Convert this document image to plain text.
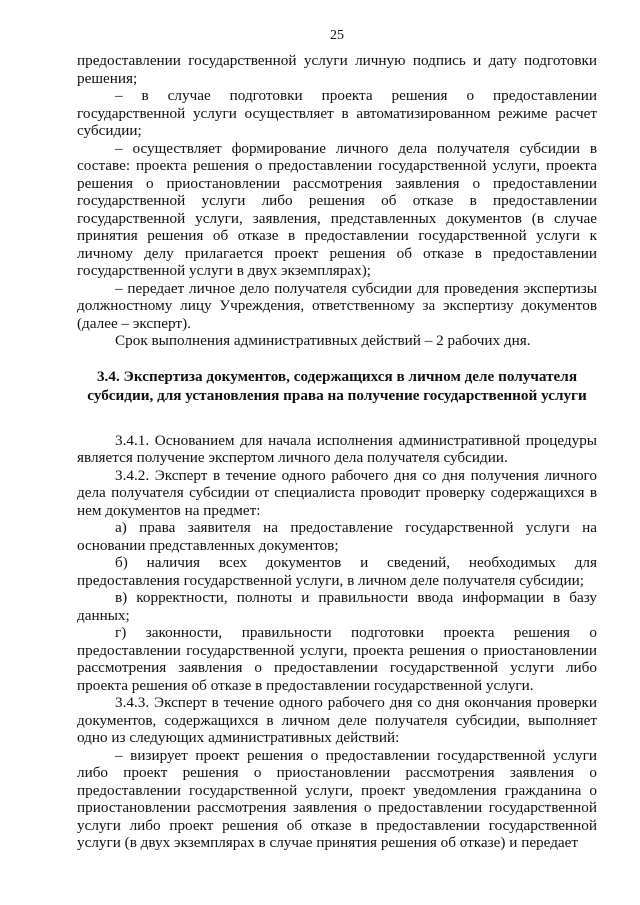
25

предоставлении государственной услуги личную подпись и дату подготовки решения;

– в случае подготовки проекта решения о предоставлении государственной услуги осуществляет в автоматизированном режиме расчет субсидии;

– осуществляет формирование личного дела получателя субсидии в составе: проекта решения о предоставлении государственной услуги, проекта решения о приостановлении рассмотрения заявления о предоставлении государственной услуги либо решения об отказе в предоставлении государственной услуги, заявления, представленных документов (в случае принятия решения об отказе в предоставлении государственной услуги к личному делу прилагается проект решения об отказе в предоставлении государственной услуги в двух экземплярах);

– передает личное дело получателя субсидии для проведения экспертизы должностному лицу Учреждения, ответственному за экспертизу документов (далее – эксперт).

Срок выполнения административных действий – 2 рабочих дня.

3.4. Экспертиза документов, содержащихся в личном деле получателя субсидии, для установления права на получение государственной услуги

3.4.1. Основанием для начала исполнения административной процедуры является получение экспертом личного дела получателя субсидии.

3.4.2. Эксперт в течение одного рабочего дня со дня получения личного дела получателя субсидии от специалиста проводит проверку содержащихся в нем документов на предмет:

а) права заявителя на предоставление государственной услуги на основании представленных документов;

б) наличия всех документов и сведений, необходимых для предоставления государственной услуги, в личном деле получателя субсидии;

в) корректности, полноты и правильности ввода информации в базу данных;

г) законности, правильности подготовки проекта решения о предоставлении государственной услуги, проекта решения о приостановлении рассмотрения заявления о предоставлении государственной услуги либо проекта решения об отказе в предоставлении государственной услуги.

3.4.3. Эксперт в течение одного рабочего дня со дня окончания проверки документов, содержащихся в личном деле получателя субсидии, выполняет одно из следующих административных действий:

– визирует проект решения о предоставлении государственной услуги либо проект решения о приостановлении рассмотрения заявления о предоставлении государственной услуги, проект уведомления гражданина о приостановлении рассмотрения заявления о предоставлении государственной услуги либо проект решения об отказе в предоставлении государственной услуги (в двух экземплярах в случае принятия решения об отказе) и передает
